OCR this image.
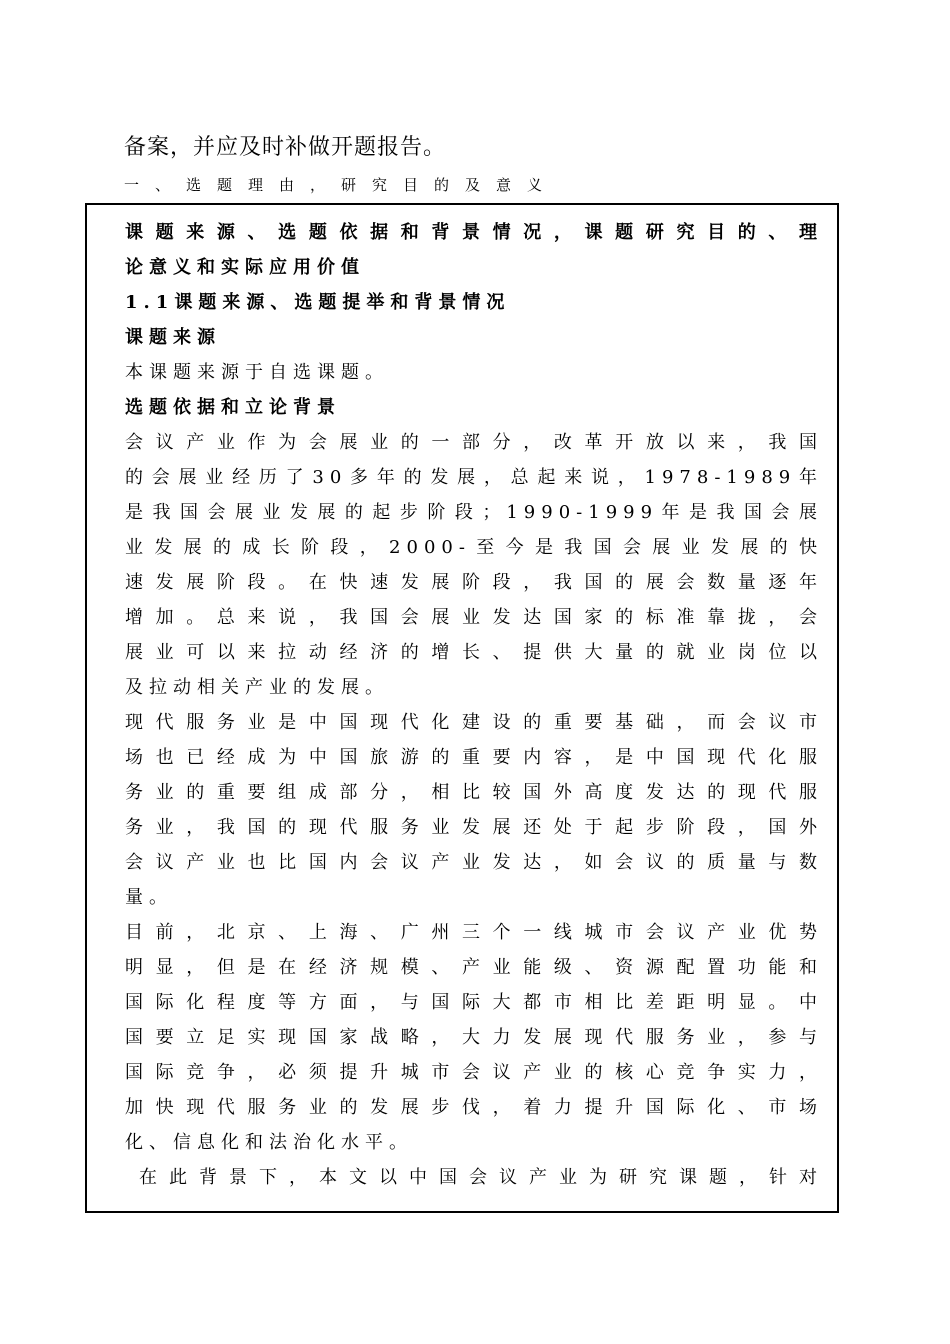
备案，并应及时补做开题报告。
一、选题理由，研究目的及意义

课题来源、选题依据和背景情况，课题研究目的、理

论意义和实际应用价值

1.1课题来源、选题提举和背景情况

课题来源

本课题来源于自选课题。

选题依据和立论背景

会议产业作为会展业的一部分，改革开放以来，我国

的会展业经历了30多年的发展，总起来说，1978-1989年

是我国会展业发展的起步阶段；1990-1999年是我国会展

业发展的成长阶段，2000-至今是我国会展业发展的快

速发展阶段。在快速发展阶段，我国的展会数量逐年

增加。总来说，我国会展业发达国家的标准靠拢，会

展业可以来拉动经济的增长、提供大量的就业岗位以

及拉动相关产业的发展。

现代服务业是中国现代化建设的重要基础，而会议市

场也已经成为中国旅游的重要内容，是中国现代化服

务业的重要组成部分，相比较国外高度发达的现代服

务业，我国的现代服务业发展还处于起步阶段，国外

会议产业也比国内会议产业发达，如会议的质量与数

量。

目前，北京、上海、广州三个一线城市会议产业优势

明显，但是在经济规模、产业能级、资源配置功能和

国际化程度等方面，与国际大都市相比差距明显。中

国要立足实现国家战略，大力发展现代服务业，参与

国际竞争，必须提升城市会议产业的核心竞争实力，

加快现代服务业的发展步伐，着力提升国际化、市场

化、信息化和法治化水平。

在此背景下，本文以中国会议产业为研究课题，针对
